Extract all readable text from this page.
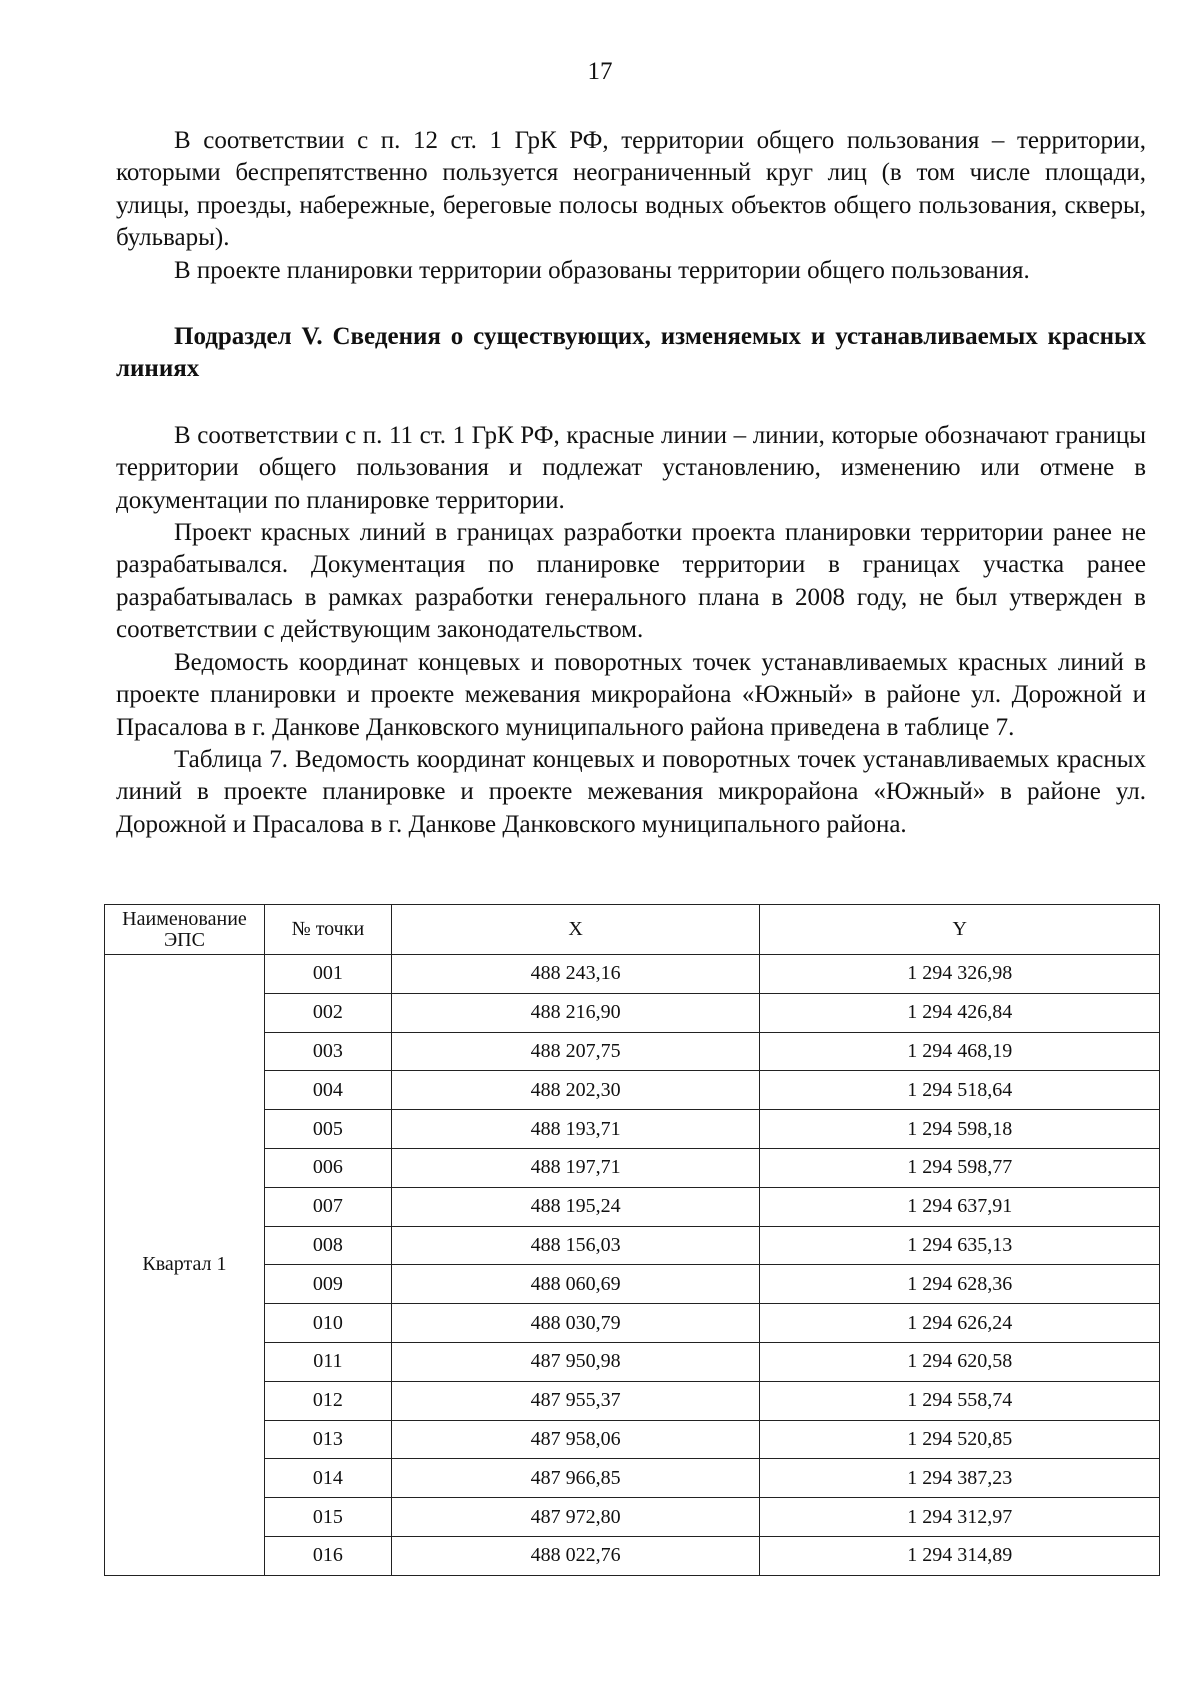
17

В соответствии с п. 12 ст. 1 ГрК РФ, территории общего пользования – территории, которыми беспрепятственно пользуется неограниченный круг лиц (в том числе площади, улицы, проезды, набережные, береговые полосы водных объектов общего пользования, скверы, бульвары).

В проекте планировки территории образованы территории общего пользования.

Подраздел V. Сведения о существующих, изменяемых и устанавливаемых красных линиях

В соответствии с п. 11 ст. 1 ГрК РФ, красные линии – линии, которые обозначают границы территории общего пользования и подлежат установлению, изменению или отмене в документации по планировке территории.

Проект красных линий в границах разработки проекта планировки территории ранее не разрабатывался. Документация по планировке территории в границах участка ранее разрабатывалась в рамках разработки генерального плана в 2008 году, не был утвержден в соответствии с действующим законодательством.

Ведомость координат концевых и поворотных точек устанавливаемых красных линий в проекте планировки и проекте межевания микрорайона «Южный» в районе ул. Дорожной и Прасалова в г. Данкове Данковского муниципального района приведена в таблице 7.

Таблица 7. Ведомость координат концевых и поворотных точек устанавливаемых красных линий в проекте планировке и проекте межевания микрорайона «Южный» в районе ул. Дорожной и Прасалова в г. Данкове Данковского муниципального района.

Наименование ЭПС	№ точки	X	Y
Квартал 1	001	488 243,16	1 294 326,98
	002	488 216,90	1 294 426,84
	003	488 207,75	1 294 468,19
	004	488 202,30	1 294 518,64
	005	488 193,71	1 294 598,18
	006	488 197,71	1 294 598,77
	007	488 195,24	1 294 637,91
	008	488 156,03	1 294 635,13
	009	488 060,69	1 294 628,36
	010	488 030,79	1 294 626,24
	011	487 950,98	1 294 620,58
	012	487 955,37	1 294 558,74
	013	487 958,06	1 294 520,85
	014	487 966,85	1 294 387,23
	015	487 972,80	1 294 312,97
	016	488 022,76	1 294 314,89
